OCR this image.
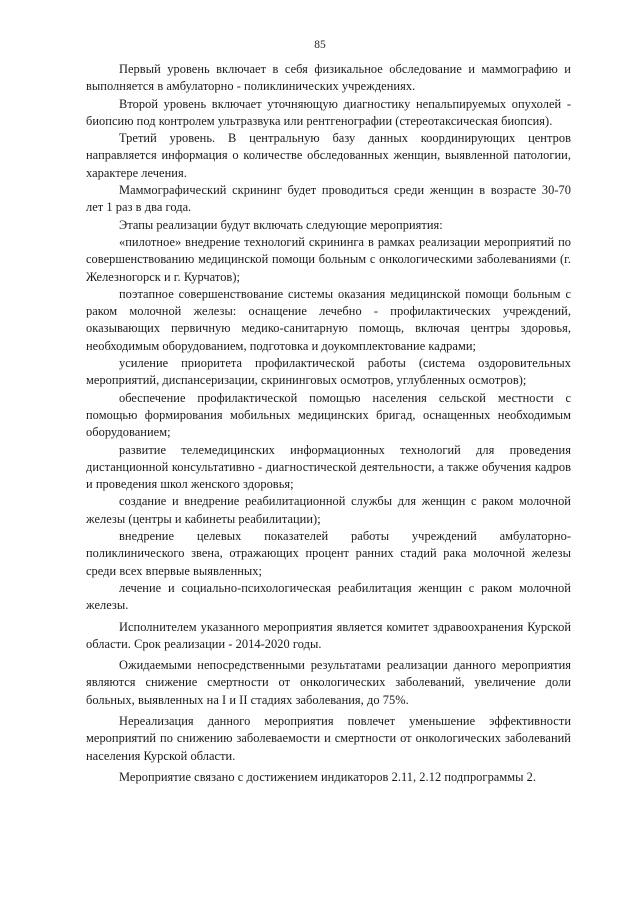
85

Первый уровень включает в себя физикальное обследование и маммографию и выполняется в амбулаторно - поликлинических учреждениях.

Второй уровень включает уточняющую диагностику непальпируемых опухолей - биопсию под контролем ультразвука или рентгенографии (стереотаксическая биопсия).

Третий уровень. В центральную базу данных координирующих центров направляется информация о количестве обследованных женщин, выявленной патологии, характере лечения.

Маммографический скрининг будет проводиться среди женщин в возрасте 30-70 лет 1 раз в два года.

Этапы реализации будут включать следующие мероприятия:

«пилотное» внедрение технологий скрининга в рамках реализации мероприятий по совершенствованию медицинской помощи больным с онкологическими заболеваниями (г. Железногорск и г. Курчатов);

поэтапное совершенствование системы оказания медицинской помощи больным с раком молочной железы: оснащение лечебно - профилактических учреждений, оказывающих первичную медико-санитарную помощь, включая центры здоровья, необходимым оборудованием, подготовка и доукомплектование кадрами;

усиление приоритета профилактической работы (система оздоровительных мероприятий, диспансеризации, скрининговых осмотров, углубленных осмотров);

обеспечение профилактической помощью населения сельской местности с помощью формирования мобильных медицинских бригад, оснащенных необходимым оборудованием;

развитие телемедицинских информационных технологий для проведения дистанционной консультативно - диагностической деятельности, а также обучения кадров и проведения школ женского здоровья;

создание и внедрение реабилитационной службы для женщин с раком молочной железы (центры и кабинеты реабилитации);

внедрение целевых показателей работы учреждений амбулаторно-поликлинического звена, отражающих процент ранних стадий рака молочной железы среди всех впервые выявленных;

лечение и социально-психологическая реабилитация женщин с раком молочной железы.

Исполнителем указанного мероприятия является комитет здравоохранения Курской области. Срок реализации - 2014-2020 годы.

Ожидаемыми непосредственными результатами реализации данного мероприятия являются снижение смертности от онкологических заболеваний, увеличение доли больных, выявленных на I и II стадиях заболевания, до 75%.

Нереализация данного мероприятия повлечет уменьшение эффективности мероприятий по снижению заболеваемости и смертности от онкологических заболеваний населения Курской области.

Мероприятие связано с достижением индикаторов 2.11, 2.12 подпрограммы 2.
